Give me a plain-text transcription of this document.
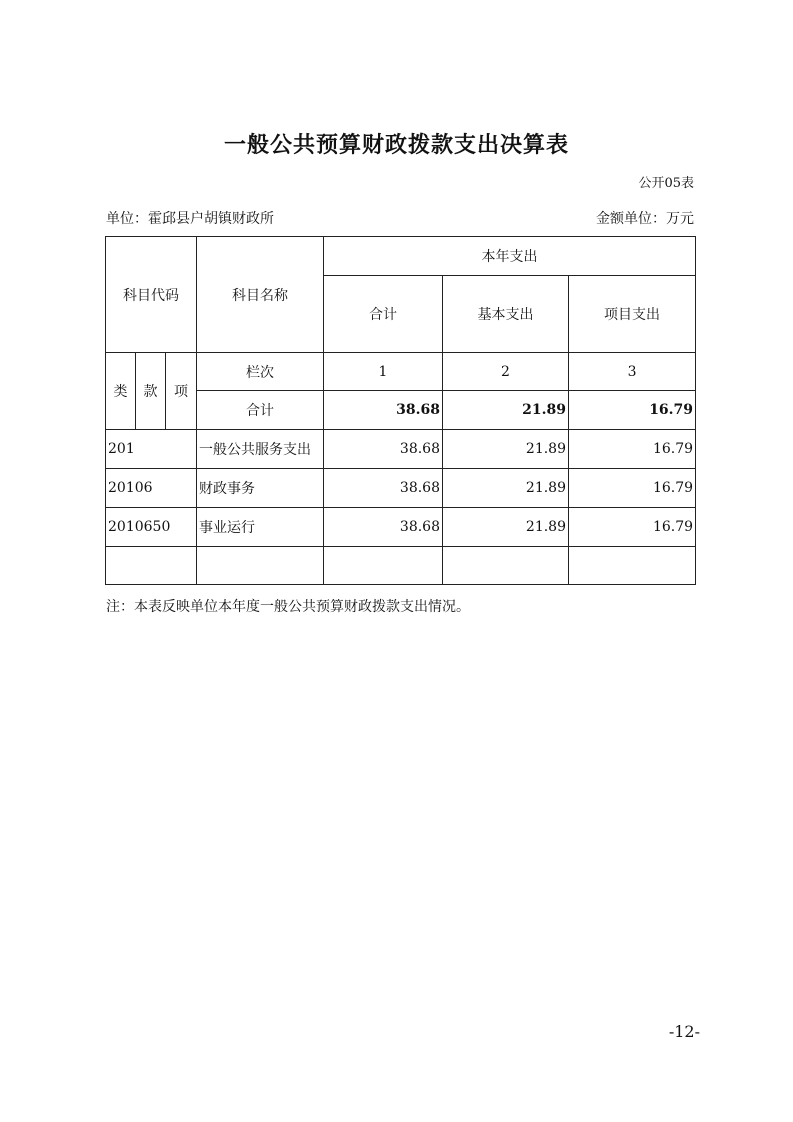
一般公共预算财政拨款支出决算表
公开05表
单位：霍邱县户胡镇财政所	金额单位：万元
科目代码			科目名称	本年支出		
				合计	基本支出	项目支出
类	款	项	栏次	1	2	3
			合计	38.68	21.89	16.79
201			一般公共服务支出	38.68	21.89	16.79
20106			财政事务	38.68	21.89	16.79
2010650			事业运行	38.68	21.89	16.79

注：本表反映单位本年度一般公共预算财政拨款支出情况。
-12-
